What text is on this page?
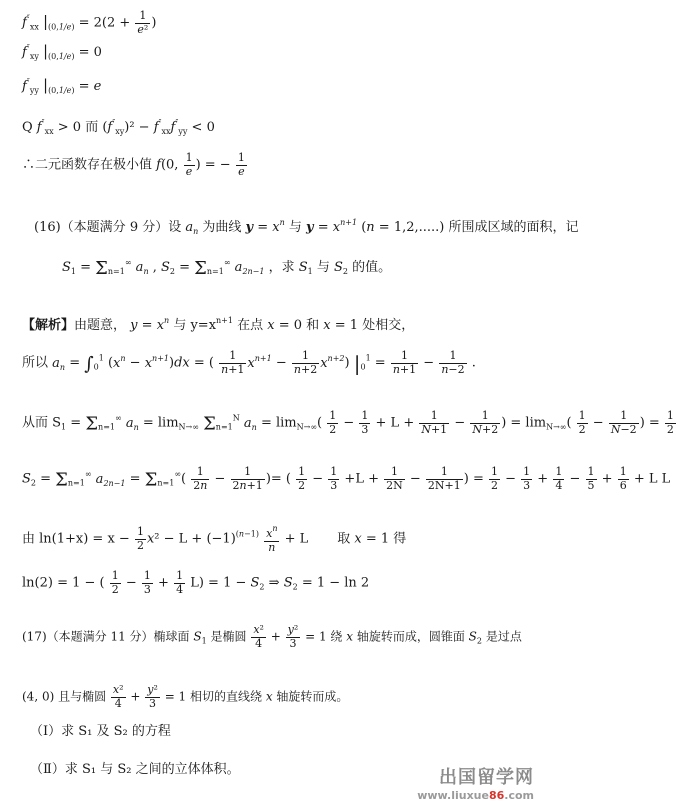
$f''_{xx}$ $|_{(0,1/e)} = 2(2 + \frac{1}{\text{e²}}$ )
$f''_{xy}$ $|_{(0,1/e)} = 0$
$f''_{yy}$ $|_{(0,1/e)} = e$
Q $f''_{xx} > 0$ 而 $(f''_{xy})^2 - f''_{xx}f''_{yy} < 0$
∴二元函数存在极小值 f(0, $\frac{1}{e}$ ) = − $\frac{1}{e}$
(16)（本题满分 9 分）设 $a_n$ 为曲线 $y = x^n$ 与 $y = x^{n+1}$ (n = 1,2,.....) 所围成区域的面积，记
$S_1 = \Sigma_{n=1}^\infty$ $a_n$ , $S_2 = \Sigma_{n=1}^\infty$ $a_{2n-1}$ ，求 $S_1$ 与 $S_2$ 的值。
【解析】由题意， $y = x^n$ 与 $y=x^{n+1}$ 在点 x = 0 和 x = 1 处相交，
所以 $a_n = \int_0^1$ $(x^n - x^{n+1})dx$ = ( $\frac{1}{n+1} x^{n+1} - \frac{1}{n+2} x^{n+2}$) $|_0^1 = \frac{1}{n+1} - \frac{1}{n-2}$ .
从而 $S_1 = \Sigma_{n=1}^\infty$ $a_n = \lim_{N\to\infty} \Sigma_{n=1}^N$ $a_n = \lim_{N\to\infty}( \frac{1}{2} - \frac{1}{3} + L + \frac{1}{N+1} - \frac{1}{N+2}$ ) = $\lim_{N\to\infty}( \frac{1}{2} - \frac{1}{N-2}$ ) = $\frac{1}{2}$
$S_2 = \Sigma_{n=1}^\infty$ $a_{2n-1} = \Sigma_{n=1}^\infty( \frac{1}{2n} - \frac{1}{2n+1}$ )= ( $\frac{1}{2} - \frac{1}{3} +L + \frac{1}{2N} - \frac{1}{2N+1}$ ) = $\frac{1}{2} - \frac{1}{3} + \frac{1}{4} - \frac{1}{5} + \frac{1}{6} + L$ L
由 $\ln(1+x) = x - \frac{1}{2} x^2 - L + (-1)^{(n-1)} \frac{x^n}{n} + L$       取 x = 1 得
ln(2) = 1 − ( $\frac{1}{2} - \frac{1}{3} + \frac{1}{4} L) = 1 - S_2$ ⇒ $S_2 = 1 - \ln 2$
(17)（本题满分 11 分）椭球面 $S_1$ 是椭圆 $\frac{\text{x²}}{4} + \frac{\text{y²}}{3} = 1$ 绕 x 轴旋转而成，圆锥面 $S_2$ 是过点
(4, 0) 且与椭圆 $\frac{\text{x²}}{4} + \frac{\text{y²}}{3} = 1$ 相切的直线绕 x 轴旋转而成。
（Ⅰ）求 S₁ 及 S₂ 的方程
（Ⅱ）求 S₁ 与 S₂ 之间的立体体积。	出国留学网
www.liuxue86.com
